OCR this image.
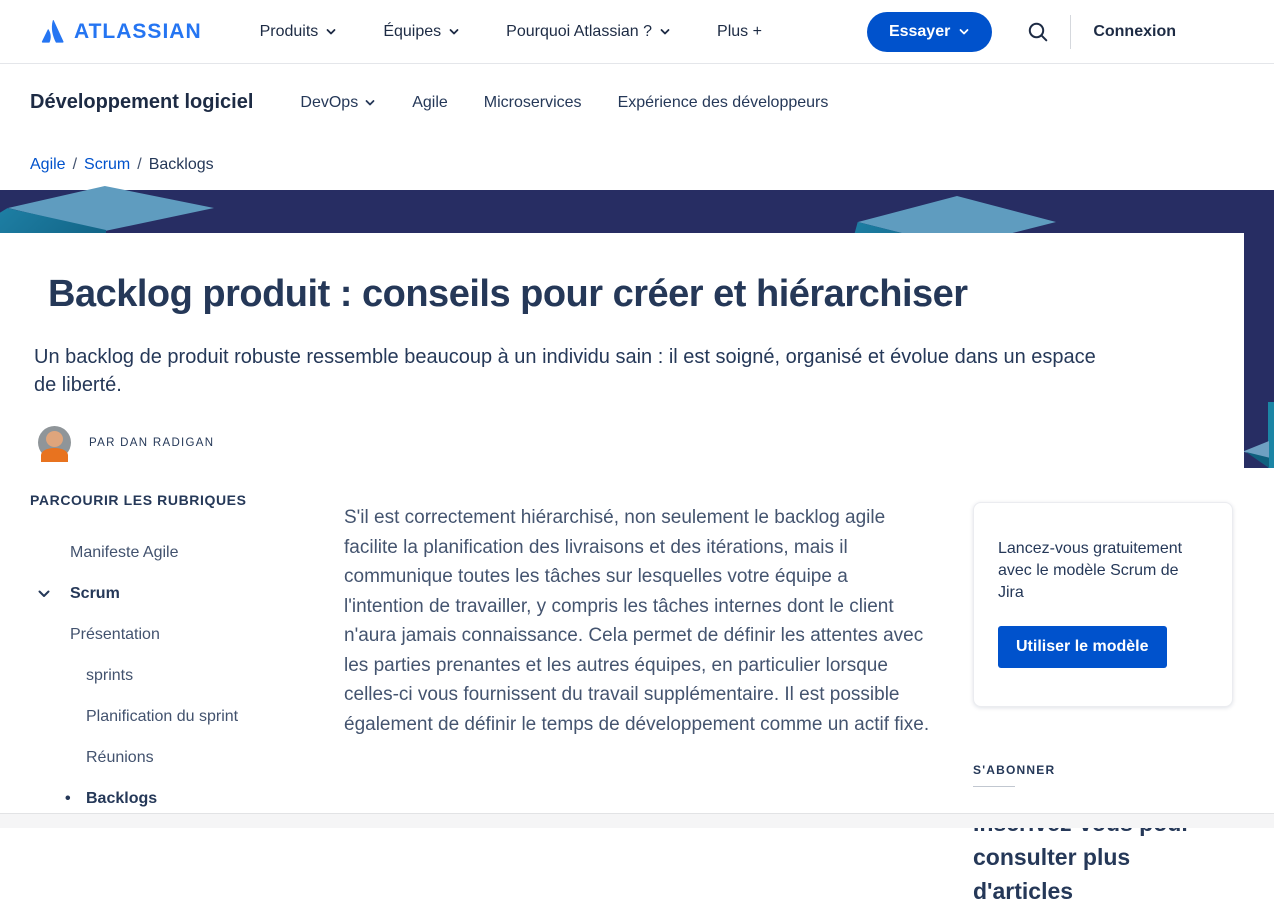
ATLASSIAN	Produits	Équipes	Pourquoi Atlassian ?	Plus +	Essayer	Connexion
Développement logiciel	DevOps	Agile Microservices Expérience des développeurs
Agile / Scrum / Backlogs
Backlog produit : conseils pour créer et hiérarchiser

Un backlog de produit robuste ressemble beaucoup à un individu sain : il est soigné, organisé et évolue dans un espace de liberté.

PAR DAN RADIGAN
PARCOURIR LES RUBRIQUES
Manifeste Agile
Scrum
Présentation
sprints
Planification du sprint
Réunions
• Backlogs

S'il est correctement hiérarchisé, non seulement le backlog agile facilite la planification des livraisons et des itérations, mais il communique toutes les tâches sur lesquelles votre équipe a l'intention de travailler, y compris les tâches internes dont le client n'aura jamais connaissance. Cela permet de définir les attentes avec les parties prenantes et les autres équipes, en particulier lorsque celles-ci vous fournissent du travail supplémentaire. Il est possible également de définir le temps de développement comme un actif fixe.

Lancez-vous gratuitement avec le modèle Scrum de Jira
Utiliser le modèle
S'ABONNER
consulter plus d'articles
